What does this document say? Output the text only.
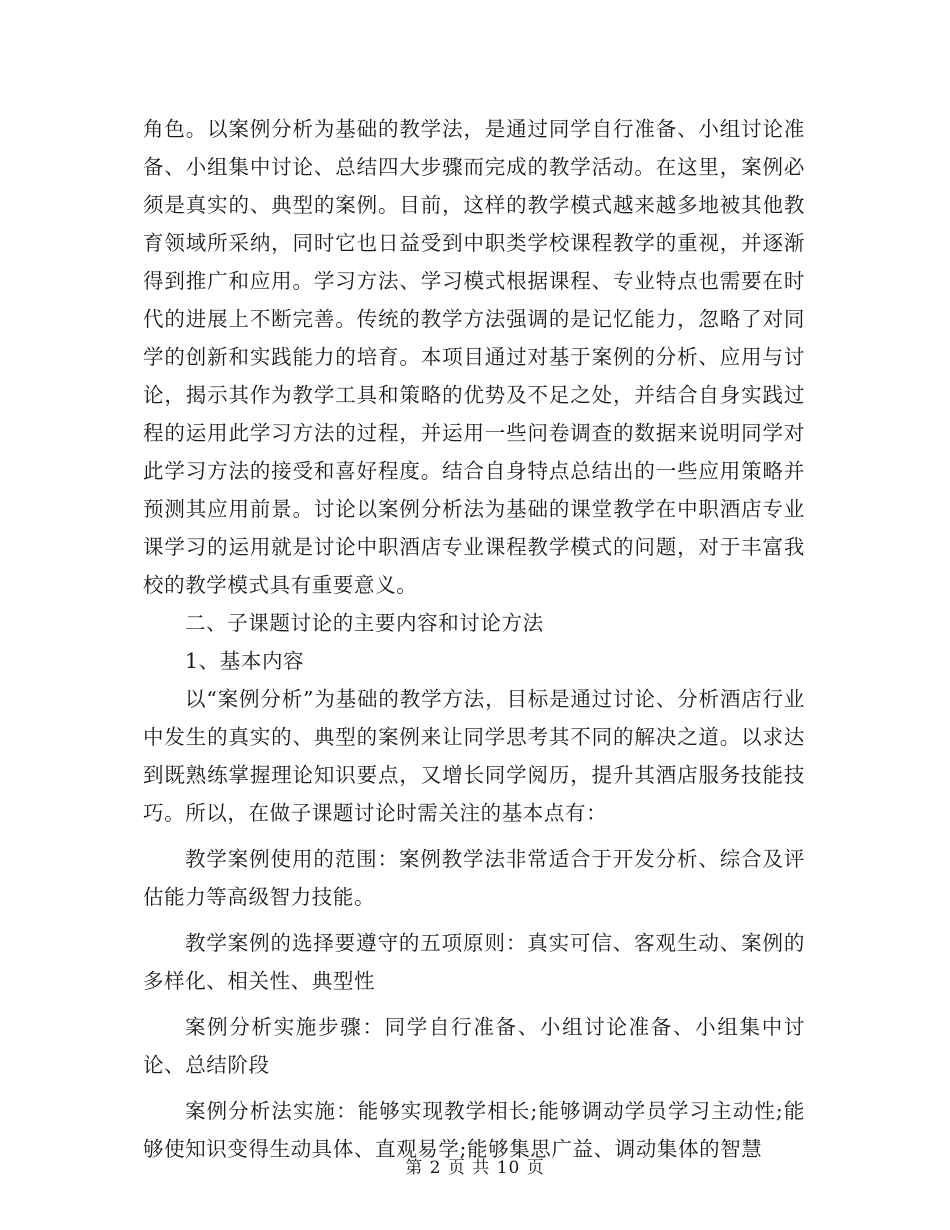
角色。以案例分析为基础的教学法，是通过同学自行准备、小组讨论准备、小组集中讨论、总结四大步骤而完成的教学活动。在这里，案例必须是真实的、典型的案例。目前，这样的教学模式越来越多地被其他教育领域所采纳，同时它也日益受到中职类学校课程教学的重视，并逐渐得到推广和应用。学习方法、学习模式根据课程、专业特点也需要在时代的进展上不断完善。传统的教学方法强调的是记忆能力，忽略了对同学的创新和实践能力的培育。本项目通过对基于案例的分析、应用与讨论，揭示其作为教学工具和策略的优势及不足之处，并结合自身实践过程的运用此学习方法的过程，并运用一些问卷调查的数据来说明同学对此学习方法的接受和喜好程度。结合自身特点总结出的一些应用策略并预测其应用前景。讨论以案例分析法为基础的课堂教学在中职酒店专业课学习的运用就是讨论中职酒店专业课程教学模式的问题，对于丰富我校的教学模式具有重要意义。

二、子课题讨论的主要内容和讨论方法

1、基本内容

以“案例分析”为基础的教学方法，目标是通过讨论、分析酒店行业中发生的真实的、典型的案例来让同学思考其不同的解决之道。以求达到既熟练掌握理论知识要点，又增长同学阅历，提升其酒店服务技能技巧。所以，在做子课题讨论时需关注的基本点有：

教学案例使用的范围：案例教学法非常适合于开发分析、综合及评估能力等高级智力技能。

教学案例的选择要遵守的五项原则：真实可信、客观生动、案例的多样化、相关性、典型性

案例分析实施步骤：同学自行准备、小组讨论准备、小组集中讨论、总结阶段

案例分析法实施：能够实现教学相长;能够调动学员学习主动性;能够使知识变得生动具体、直观易学;能够集思广益、调动集体的智慧

第 2 页 共 10 页
